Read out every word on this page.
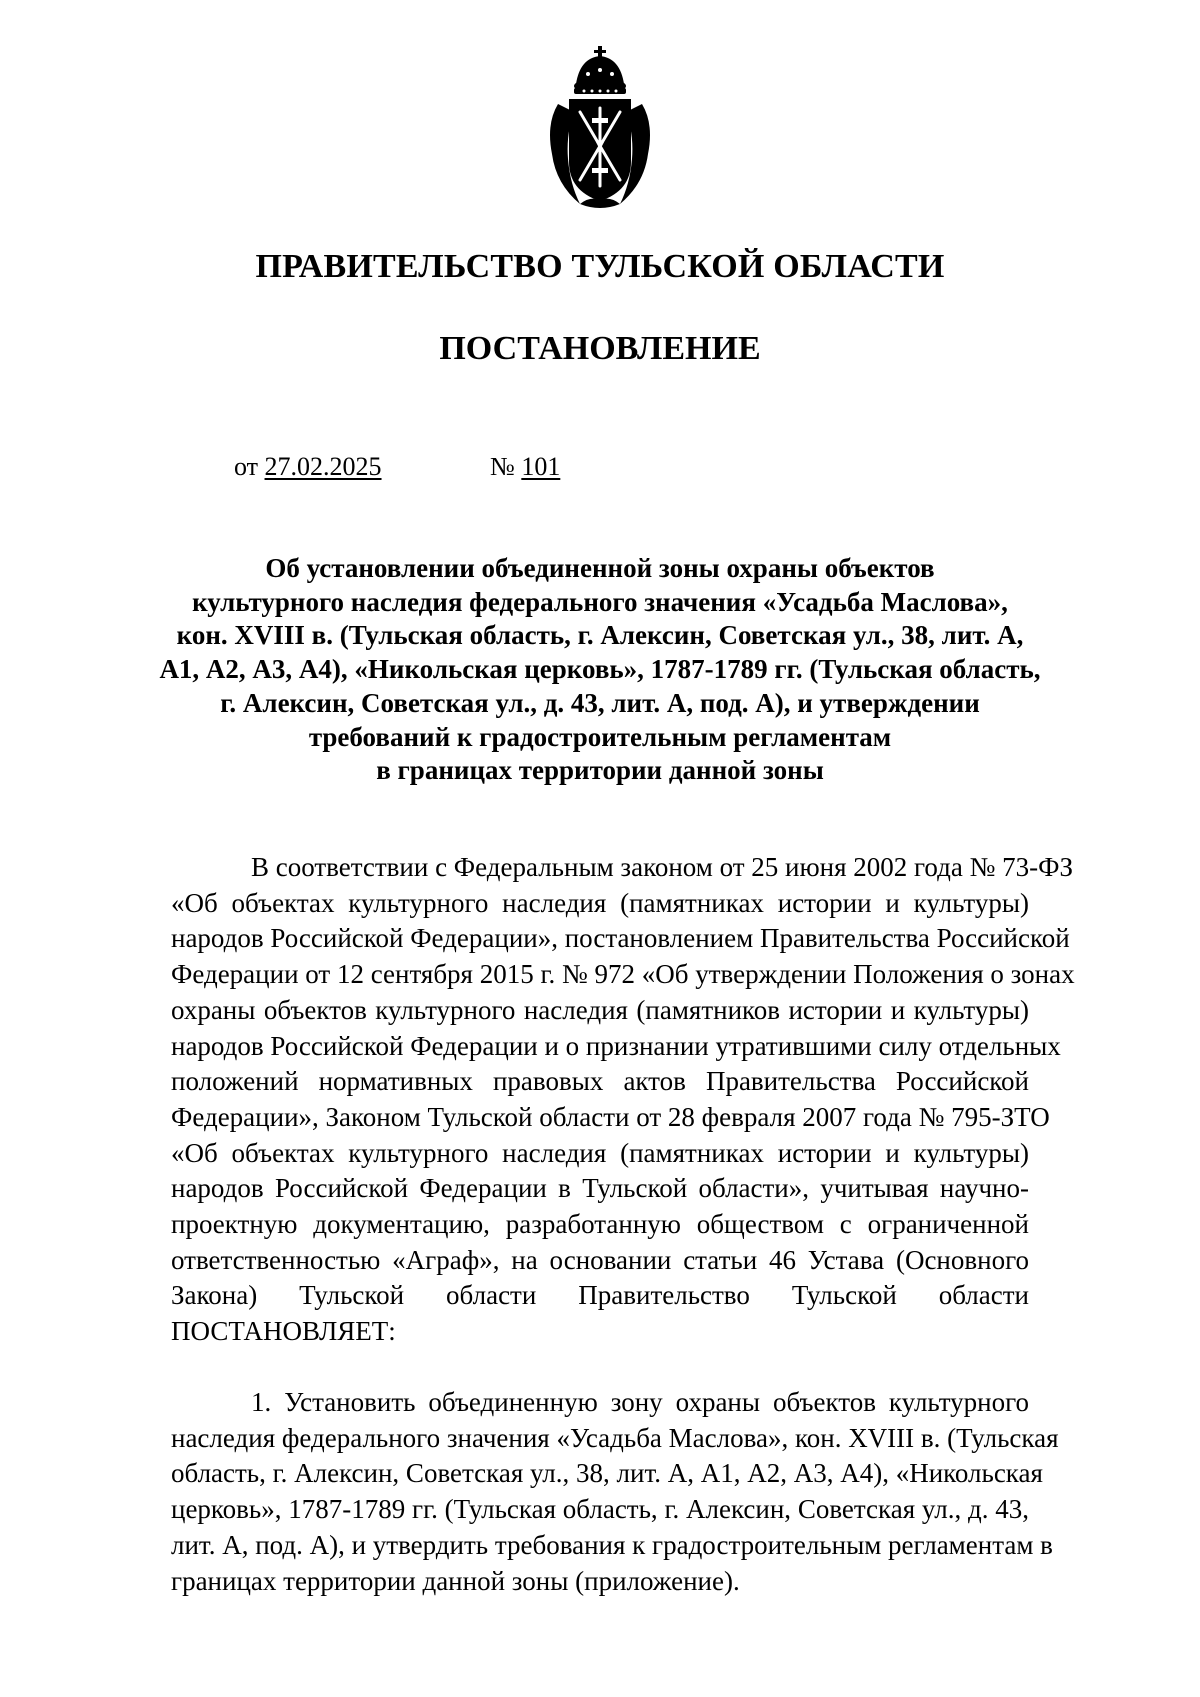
ПРАВИТЕЛЬСТВО ТУЛЬСКОЙ ОБЛАСТИ
ПОСТАНОВЛЕНИЕ
от 27.02.2025	№ 101
Об установлении объединенной зоны охраны объектов
культурного наследия федерального значения «Усадьба Маслова»,
кон. XVIII в. (Тульская область, г. Алексин, Советская ул., 38, лит. А,
А1, А2, А3, А4), «Никольская церковь», 1787-1789 гг. (Тульская область,
г. Алексин, Советская ул., д. 43, лит. А, под. А), и утверждении
требований к градостроительным регламентам
в границах территории данной зоны
В соответствии с Федеральным законом от 25 июня 2002 года № 73-ФЗ
«Об объектах культурного наследия (памятниках истории и культуры)
народов Российской Федерации», постановлением Правительства Российской
Федерации от 12 сентября 2015 г. № 972 «Об утверждении Положения о зонах
охраны объектов культурного наследия (памятников истории и культуры)
народов Российской Федерации и о признании утратившими силу отдельных
положений нормативных правовых актов Правительства Российской
Федерации», Законом Тульской области от 28 февраля 2007 года № 795-ЗТО
«Об объектах культурного наследия (памятниках истории и культуры)
народов Российской Федерации в Тульской области», учитывая научно-
проектную документацию, разработанную обществом с ограниченной
ответственностью «Аграф», на основании статьи 46 Устава (Основного
Закона) Тульской области Правительство Тульской области
ПОСТАНОВЛЯЕТ:
1. Установить объединенную зону охраны объектов культурного
наследия федерального значения «Усадьба Маслова», кон. XVIII в. (Тульская
область, г. Алексин, Советская ул., 38, лит. А, А1, А2, А3, А4), «Никольская
церковь», 1787-1789 гг. (Тульская область, г. Алексин, Советская ул., д. 43,
лит. А, под. А), и утвердить требования к градостроительным регламентам в
границах территории данной зоны (приложение).
